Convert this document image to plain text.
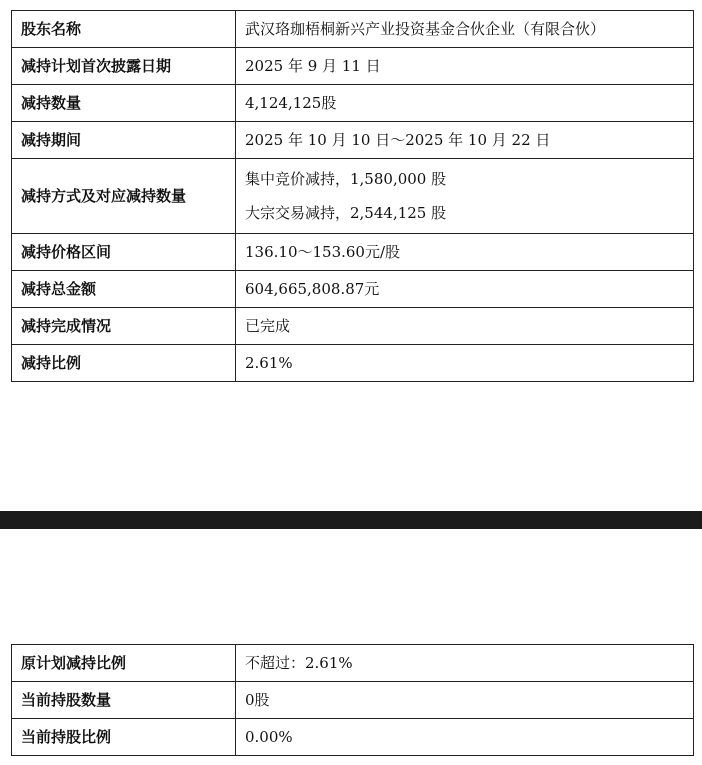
股东名称	武汉珞珈梧桐新兴产业投资基金合伙企业（有限合伙）
减持计划首次披露日期	2025 年 9 月 11 日
减持数量	4,124,125股
减持期间	2025 年 10 月 10 日～2025 年 10 月 22 日
减持方式及对应减持数量	集中竞价减持，1,580,000 股
大宗交易减持，2,544,125 股

减持价格区间	136.10～153.60元/股
减持总金额	604,665,808.87元
减持完成情况	已完成
减持比例	2.61%
原计划减持比例	不超过：2.61%
当前持股数量	0股
当前持股比例	0.00%
